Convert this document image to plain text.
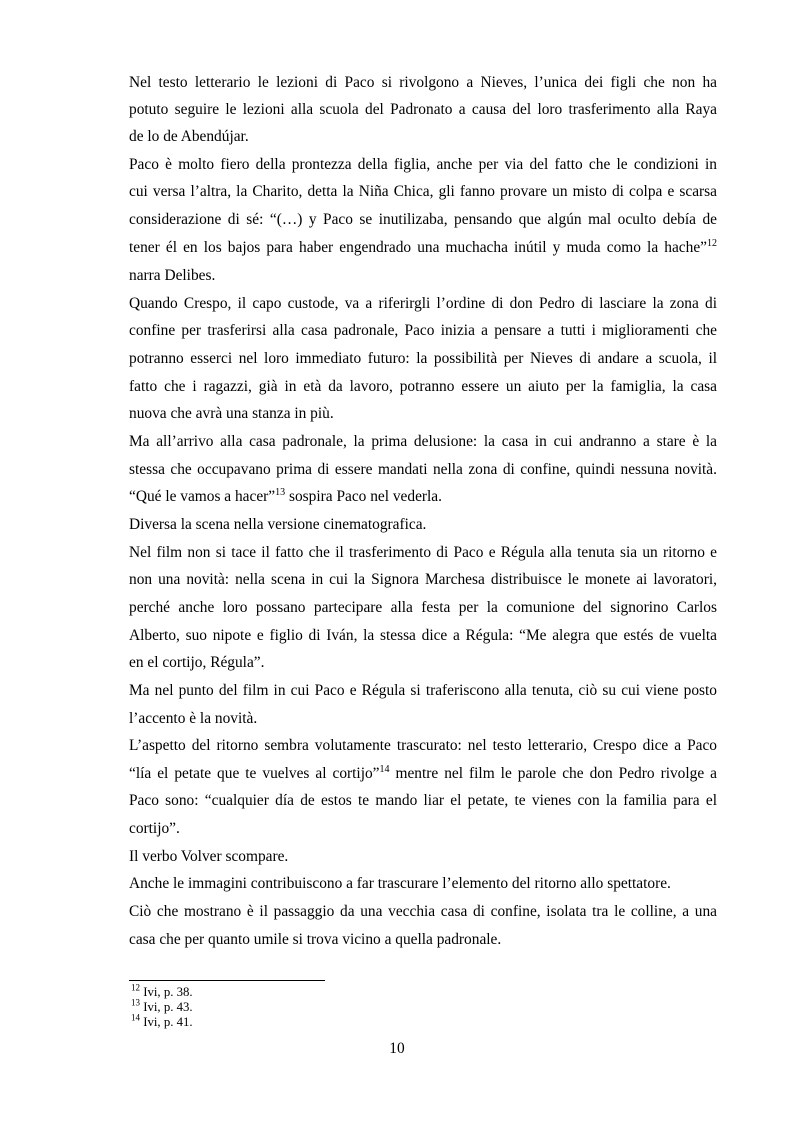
Nel testo letterario le lezioni di Paco si rivolgono a Nieves, l’unica dei figli che non ha
potuto seguire le lezioni alla scuola del Padronato a causa del loro trasferimento alla Raya
de lo de Abendújar.
Paco è molto fiero della prontezza della figlia, anche per via del fatto che le condizioni in
cui versa l’altra, la Charito, detta la Niña Chica, gli fanno provare un misto di colpa e scarsa
considerazione di sé: “(…) y Paco se inutilizaba, pensando que algún mal oculto debía de
tener él en los bajos para haber engendrado una muchacha inútil y muda como la hache”$^{12}$
narra Delibes.
Quando Crespo, il capo custode, va a riferirgli l’ordine di don Pedro di lasciare la zona di
confine per trasferirsi alla casa padronale, Paco inizia a pensare a tutti i miglioramenti che
potranno esserci nel loro immediato futuro: la possibilità per Nieves di andare a scuola, il
fatto che i ragazzi, già in età da lavoro, potranno essere un aiuto per la famiglia, la casa
nuova che avrà una stanza in più.
Ma all’arrivo alla casa padronale, la prima delusione: la casa in cui andranno a stare è la
stessa che occupavano prima di essere mandati nella zona di confine, quindi nessuna novità.
“Qué le vamos a hacer”$^{13}$ sospira Paco nel vederla.
Diversa la scena nella versione cinematografica.
Nel film non si tace il fatto che il trasferimento di Paco e Régula alla tenuta sia un ritorno e
non una novità: nella scena in cui la Signora Marchesa distribuisce le monete ai lavoratori,
perché anche loro possano partecipare alla festa per la comunione del signorino Carlos
Alberto, suo nipote e figlio di Iván, la stessa dice a Régula: “Me alegra que estés de vuelta
en el cortijo, Régula”.
Ma nel punto del film in cui Paco e Régula si traferiscono alla tenuta, ciò su cui viene posto
l’accento è la novità.
L’aspetto del ritorno sembra volutamente trascurato: nel testo letterario, Crespo dice a Paco
“lía el petate que te vuelves al cortijo”$^{14}$ mentre nel film le parole che don Pedro rivolge a
Paco sono: “cualquier día de estos te mando liar el petate, te vienes con la familia para el
cortijo”.
Il verbo Volver scompare.
Anche le immagini contribuiscono a far trascurare l’elemento del ritorno allo spettatore.
Ciò che mostrano è il passaggio da una vecchia casa di confine, isolata tra le colline, a una
casa che per quanto umile si trova vicino a quella padronale.
$^{12}$ Ivi, p. 38.
$^{13}$ Ivi, p. 43.
$^{14}$ Ivi, p. 41.
10
